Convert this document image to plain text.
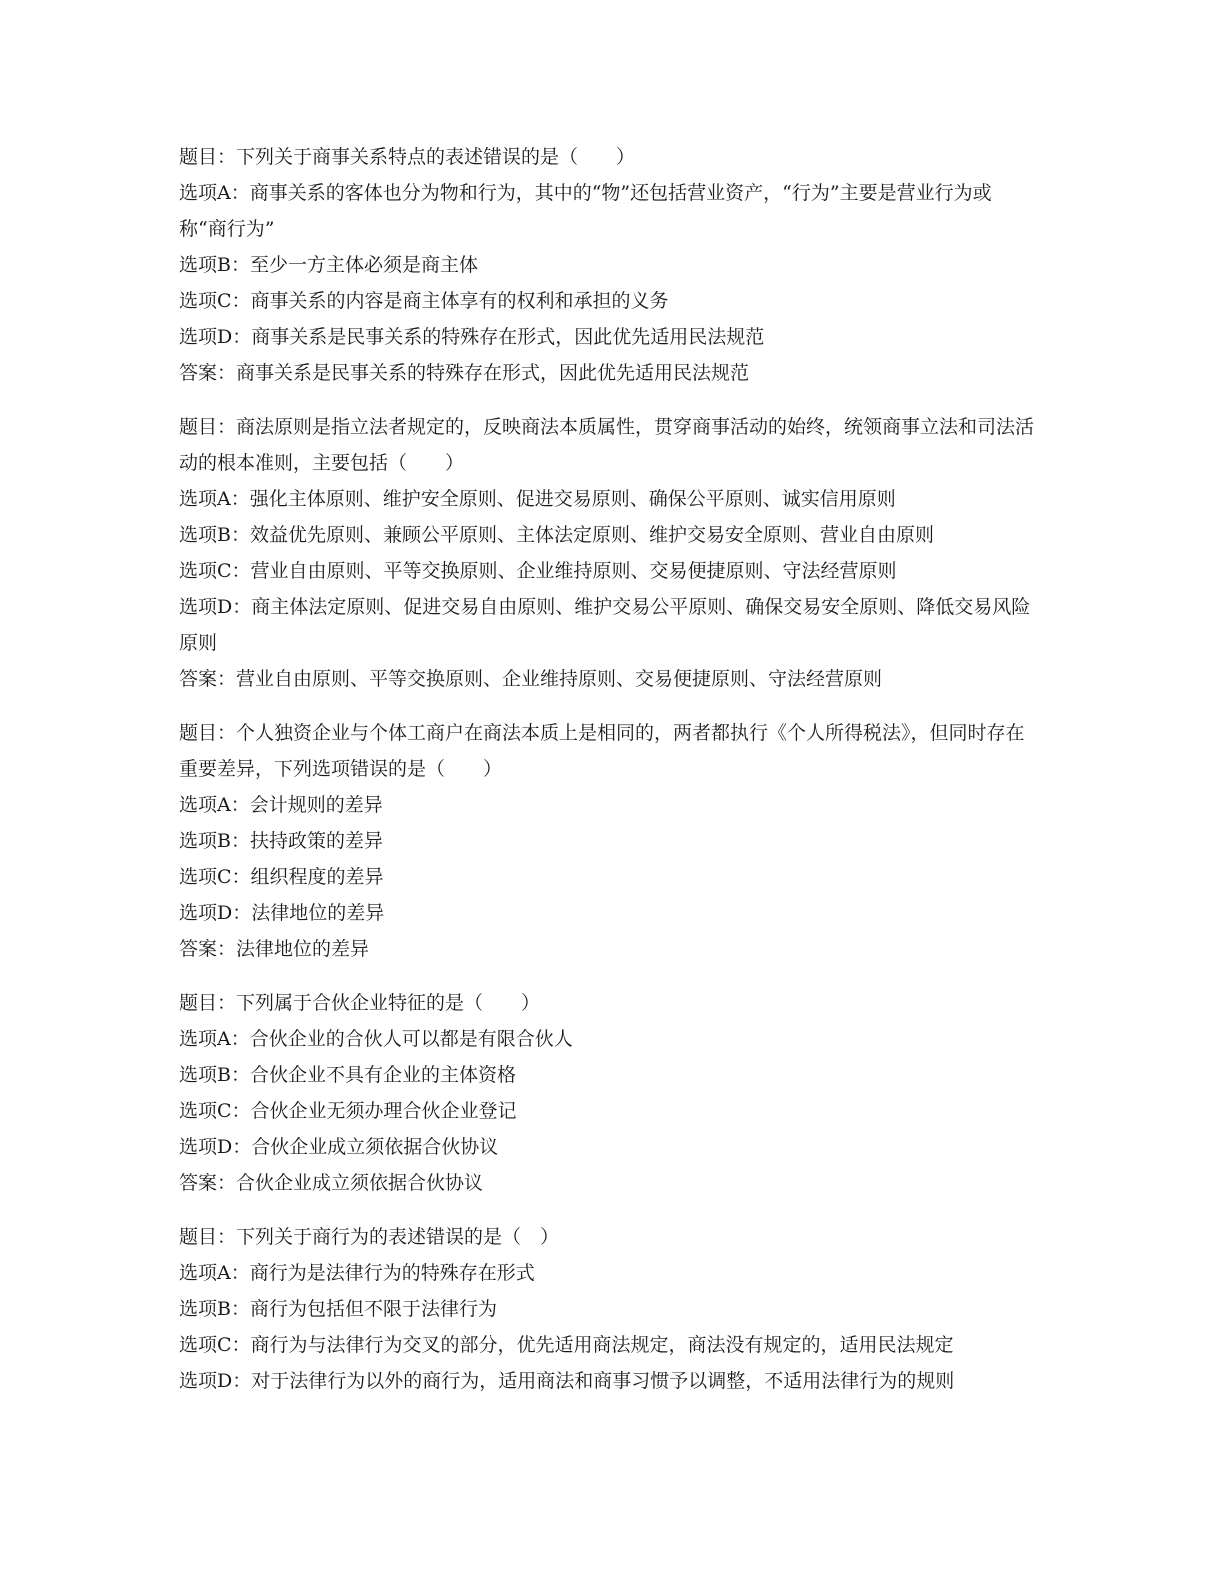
题目：下列关于商事关系特点的表述错误的是（　　）
选项A：商事关系的客体也分为物和行为，其中的“物”还包括营业资产，“行为”主要是营业行为或称“商行为”
选项B：至少一方主体必须是商主体
选项C：商事关系的内容是商主体享有的权利和承担的义务
选项D：商事关系是民事关系的特殊存在形式，因此优先适用民法规范
答案：商事关系是民事关系的特殊存在形式，因此优先适用民法规范
题目：商法原则是指立法者规定的，反映商法本质属性，贯穿商事活动的始终，统领商事立法和司法活动的根本准则，主要包括（　　）
选项A：强化主体原则、维护安全原则、促进交易原则、确保公平原则、诚实信用原则
选项B：效益优先原则、兼顾公平原则、主体法定原则、维护交易安全原则、营业自由原则
选项C：营业自由原则、平等交换原则、企业维持原则、交易便捷原则、守法经营原则
选项D：商主体法定原则、促进交易自由原则、维护交易公平原则、确保交易安全原则、降低交易风险原则
答案：营业自由原则、平等交换原则、企业维持原则、交易便捷原则、守法经营原则
题目：个人独资企业与个体工商户在商法本质上是相同的，两者都执行《个人所得税法》，但同时存在重要差异，下列选项错误的是（　　）
选项A：会计规则的差异
选项B：扶持政策的差异
选项C：组织程度的差异
选项D：法律地位的差异
答案：法律地位的差异
题目：下列属于合伙企业特征的是（　　）
选项A：合伙企业的合伙人可以都是有限合伙人
选项B：合伙企业不具有企业的主体资格
选项C：合伙企业无须办理合伙企业登记
选项D：合伙企业成立须依据合伙协议
答案：合伙企业成立须依据合伙协议
题目：下列关于商行为的表述错误的是（　）
选项A：商行为是法律行为的特殊存在形式
选项B：商行为包括但不限于法律行为
选项C：商行为与法律行为交叉的部分，优先适用商法规定，商法没有规定的，适用民法规定
选项D：对于法律行为以外的商行为，适用商法和商事习惯予以调整，不适用法律行为的规则
